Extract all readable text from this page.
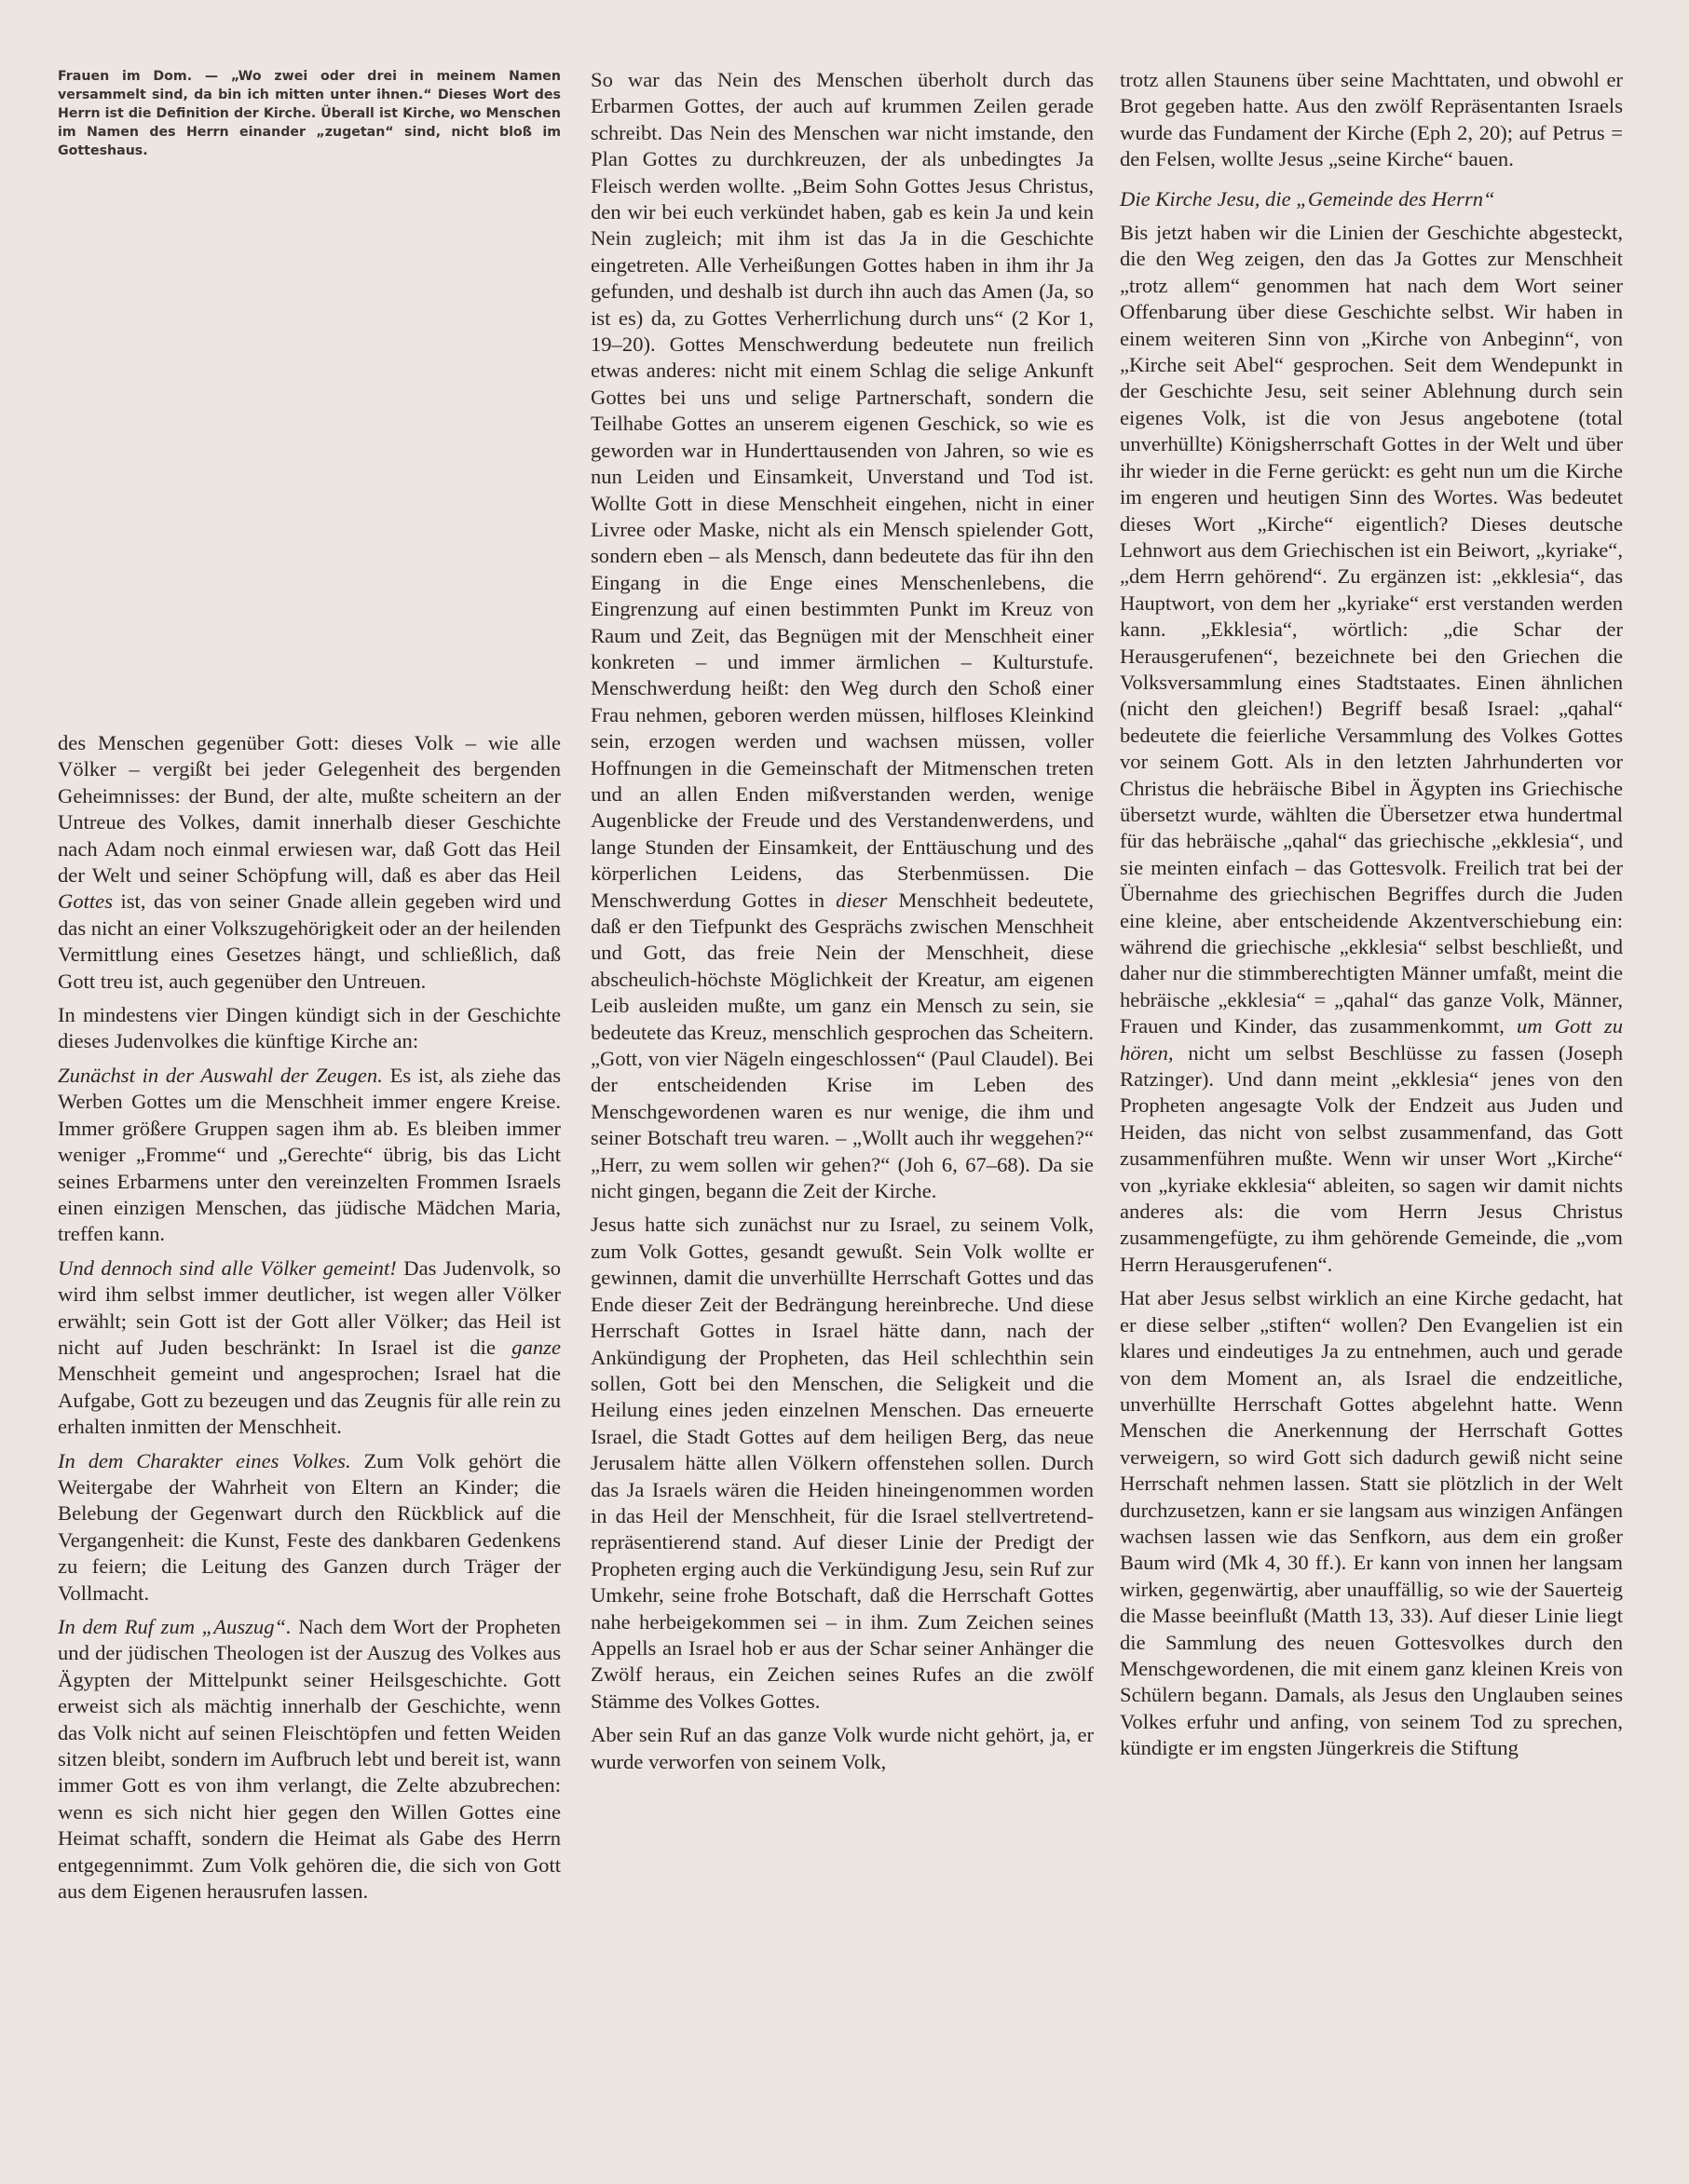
Frauen im Dom. — „Wo zwei oder drei in meinem Namen versammelt sind, da bin ich mitten unter ihnen.“ Dieses Wort des Herrn ist die Definition der Kirche. Überall ist Kirche, wo Menschen im Namen des Herrn einander „zugetan“ sind, nicht bloß im Gotteshaus.

des Menschen gegenüber Gott: dieses Volk – wie alle Völker – vergißt bei jeder Gelegenheit des bergenden Geheimnisses: der Bund, der alte, mußte scheitern an der Untreue des Volkes, damit innerhalb dieser Geschichte nach Adam noch einmal erwiesen war, daß Gott das Heil der Welt und seiner Schöpfung will, daß es aber das Heil Gottes ist, das von seiner Gnade allein gegeben wird und das nicht an einer Volkszugehörigkeit oder an der heilenden Vermittlung eines Gesetzes hängt, und schließlich, daß Gott treu ist, auch gegenüber den Untreuen.

In mindestens vier Dingen kündigt sich in der Geschichte dieses Judenvolkes die künftige Kirche an:

Zunächst in der Auswahl der Zeugen. Es ist, als ziehe das Werben Gottes um die Menschheit immer engere Kreise. Immer größere Gruppen sagen ihm ab. Es bleiben immer weniger „Fromme“ und „Gerechte“ übrig, bis das Licht seines Erbarmens unter den vereinzelten Frommen Israels einen einzigen Menschen, das jüdische Mädchen Maria, treffen kann.

Und dennoch sind alle Völker gemeint! Das Judenvolk, so wird ihm selbst immer deutlicher, ist wegen aller Völker erwählt; sein Gott ist der Gott aller Völker; das Heil ist nicht auf Juden beschränkt: In Israel ist die ganze Menschheit gemeint und angesprochen; Israel hat die Aufgabe, Gott zu bezeugen und das Zeugnis für alle rein zu erhalten inmitten der Menschheit.

In dem Charakter eines Volkes. Zum Volk gehört die Weitergabe der Wahrheit von Eltern an Kinder; die Belebung der Gegenwart durch den Rückblick auf die Vergangenheit: die Kunst, Feste des dankbaren Gedenkens zu feiern; die Leitung des Ganzen durch Träger der Vollmacht.

In dem Ruf zum „Auszug“. Nach dem Wort der Propheten und der jüdischen Theologen ist der Auszug des Volkes aus Ägypten der Mittelpunkt seiner Heilsgeschichte. Gott erweist sich als mächtig innerhalb der Geschichte, wenn das Volk nicht auf seinen Fleischtöpfen und fetten Weiden sitzen bleibt, sondern im Aufbruch lebt und bereit ist, wann immer Gott es von ihm verlangt, die Zelte abzubrechen: wenn es sich nicht hier gegen den Willen Gottes eine Heimat schafft, sondern die Heimat als Gabe des Herrn entgegennimmt. Zum Volk gehören die, die sich von Gott aus dem Eigenen herausrufen lassen.

So war das Nein des Menschen überholt durch das Erbarmen Gottes, der auch auf krummen Zeilen gerade schreibt. Das Nein des Menschen war nicht imstande, den Plan Gottes zu durchkreuzen, der als unbedingtes Ja Fleisch werden wollte. „Beim Sohn Gottes Jesus Christus, den wir bei euch verkündet haben, gab es kein Ja und kein Nein zugleich; mit ihm ist das Ja in die Geschichte eingetreten. Alle Verheißungen Gottes haben in ihm ihr Ja gefunden, und deshalb ist durch ihn auch das Amen (Ja, so ist es) da, zu Gottes Verherrlichung durch uns“ (2 Kor 1, 19–20). Gottes Menschwerdung bedeutete nun freilich etwas anderes: nicht mit einem Schlag die selige Ankunft Gottes bei uns und selige Partnerschaft, sondern die Teilhabe Gottes an unserem eigenen Geschick, so wie es geworden war in Hunderttausenden von Jahren, so wie es nun Leiden und Einsamkeit, Unverstand und Tod ist. Wollte Gott in diese Menschheit eingehen, nicht in einer Livree oder Maske, nicht als ein Mensch spielender Gott, sondern eben – als Mensch, dann bedeutete das für ihn den Eingang in die Enge eines Menschenlebens, die Eingrenzung auf einen bestimmten Punkt im Kreuz von Raum und Zeit, das Begnügen mit der Menschheit einer konkreten – und immer ärmlichen – Kulturstufe. Menschwerdung heißt: den Weg durch den Schoß einer Frau nehmen, geboren werden müssen, hilfloses Kleinkind sein, erzogen werden und wachsen müssen, voller Hoffnungen in die Gemeinschaft der Mitmenschen treten und an allen Enden mißverstanden werden, wenige Augenblicke der Freude und des Verstandenwerdens, und lange Stunden der Einsamkeit, der Enttäuschung und des körperlichen Leidens, das Sterbenmüssen. Die Menschwerdung Gottes in dieser Menschheit bedeutete, daß er den Tiefpunkt des Gesprächs zwischen Menschheit und Gott, das freie Nein der Menschheit, diese abscheulich-höchste Möglichkeit der Kreatur, am eigenen Leib ausleiden mußte, um ganz ein Mensch zu sein, sie bedeutete das Kreuz, menschlich gesprochen das Scheitern. „Gott, von vier Nägeln eingeschlossen“ (Paul Claudel). Bei der entscheidenden Krise im Leben des Menschgewordenen waren es nur wenige, die ihm und seiner Botschaft treu waren. – „Wollt auch ihr weggehen?“ „Herr, zu wem sollen wir gehen?“ (Joh 6, 67–68). Da sie nicht gingen, begann die Zeit der Kirche.

Jesus hatte sich zunächst nur zu Israel, zu seinem Volk, zum Volk Gottes, gesandt gewußt. Sein Volk wollte er gewinnen, damit die unverhüllte Herrschaft Gottes und das Ende dieser Zeit der Bedrängung hereinbreche. Und diese Herrschaft Gottes in Israel hätte dann, nach der Ankündigung der Propheten, das Heil schlechthin sein sollen, Gott bei den Menschen, die Seligkeit und die Heilung eines jeden einzelnen Menschen. Das erneuerte Israel, die Stadt Gottes auf dem heiligen Berg, das neue Jerusalem hätte allen Völkern offenstehen sollen. Durch das Ja Israels wären die Heiden hineingenommen worden in das Heil der Menschheit, für die Israel stellvertretend-repräsentierend stand. Auf dieser Linie der Predigt der Propheten erging auch die Verkündigung Jesu, sein Ruf zur Umkehr, seine frohe Botschaft, daß die Herrschaft Gottes nahe herbeigekommen sei – in ihm. Zum Zeichen seines Appells an Israel hob er aus der Schar seiner Anhänger die Zwölf heraus, ein Zeichen seines Rufes an die zwölf Stämme des Volkes Gottes.

Aber sein Ruf an das ganze Volk wurde nicht gehört, ja, er wurde verworfen von seinem Volk,

trotz allen Staunens über seine Machttaten, und obwohl er Brot gegeben hatte. Aus den zwölf Repräsentanten Israels wurde das Fundament der Kirche (Eph 2, 20); auf Petrus = den Felsen, wollte Jesus „seine Kirche“ bauen.

Die Kirche Jesu, die „Gemeinde des Herrn“

Bis jetzt haben wir die Linien der Geschichte abgesteckt, die den Weg zeigen, den das Ja Gottes zur Menschheit „trotz allem“ genommen hat nach dem Wort seiner Offenbarung über diese Geschichte selbst. Wir haben in einem weiteren Sinn von „Kirche von Anbeginn“, von „Kirche seit Abel“ gesprochen. Seit dem Wendepunkt in der Geschichte Jesu, seit seiner Ablehnung durch sein eigenes Volk, ist die von Jesus angebotene (total unverhüllte) Königsherrschaft Gottes in der Welt und über ihr wieder in die Ferne gerückt: es geht nun um die Kirche im engeren und heutigen Sinn des Wortes. Was bedeutet dieses Wort „Kirche“ eigentlich? Dieses deutsche Lehnwort aus dem Griechischen ist ein Beiwort, „kyriake“, „dem Herrn gehörend“. Zu ergänzen ist: „ekklesia“, das Hauptwort, von dem her „kyriake“ erst verstanden werden kann. „Ekklesia“, wörtlich: „die Schar der Herausgerufenen“, bezeichnete bei den Griechen die Volksversammlung eines Stadtstaates. Einen ähnlichen (nicht den gleichen!) Begriff besaß Israel: „qahal“ bedeutete die feierliche Versammlung des Volkes Gottes vor seinem Gott. Als in den letzten Jahrhunderten vor Christus die hebräische Bibel in Ägypten ins Griechische übersetzt wurde, wählten die Übersetzer etwa hundertmal für das hebräische „qahal“ das griechische „ekklesia“, und sie meinten einfach – das Gottesvolk. Freilich trat bei der Übernahme des griechischen Begriffes durch die Juden eine kleine, aber entscheidende Akzentverschiebung ein: während die griechische „ekklesia“ selbst beschließt, und daher nur die stimmberechtigten Männer umfaßt, meint die hebräische „ekklesia“ = „qahal“ das ganze Volk, Männer, Frauen und Kinder, das zusammenkommt, um Gott zu hören, nicht um selbst Beschlüsse zu fassen (Joseph Ratzinger). Und dann meint „ekklesia“ jenes von den Propheten angesagte Volk der Endzeit aus Juden und Heiden, das nicht von selbst zusammenfand, das Gott zusammenführen mußte. Wenn wir unser Wort „Kirche“ von „kyriake ekklesia“ ableiten, so sagen wir damit nichts anderes als: die vom Herrn Jesus Christus zusammengefügte, zu ihm gehörende Gemeinde, die „vom Herrn Herausgerufenen“.

Hat aber Jesus selbst wirklich an eine Kirche gedacht, hat er diese selber „stiften“ wollen? Den Evangelien ist ein klares und eindeutiges Ja zu entnehmen, auch und gerade von dem Moment an, als Israel die endzeitliche, unverhüllte Herrschaft Gottes abgelehnt hatte. Wenn Menschen die Anerkennung der Herrschaft Gottes verweigern, so wird Gott sich dadurch gewiß nicht seine Herrschaft nehmen lassen. Statt sie plötzlich in der Welt durchzusetzen, kann er sie langsam aus winzigen Anfängen wachsen lassen wie das Senfkorn, aus dem ein großer Baum wird (Mk 4, 30 ff.). Er kann von innen her langsam wirken, gegenwärtig, aber unauffällig, so wie der Sauerteig die Masse beeinflußt (Matth 13, 33). Auf dieser Linie liegt die Sammlung des neuen Gottesvolkes durch den Menschgewordenen, die mit einem ganz kleinen Kreis von Schülern begann. Damals, als Jesus den Unglauben seines Volkes erfuhr und anfing, von seinem Tod zu sprechen, kündigte er im engsten Jüngerkreis die Stiftung
